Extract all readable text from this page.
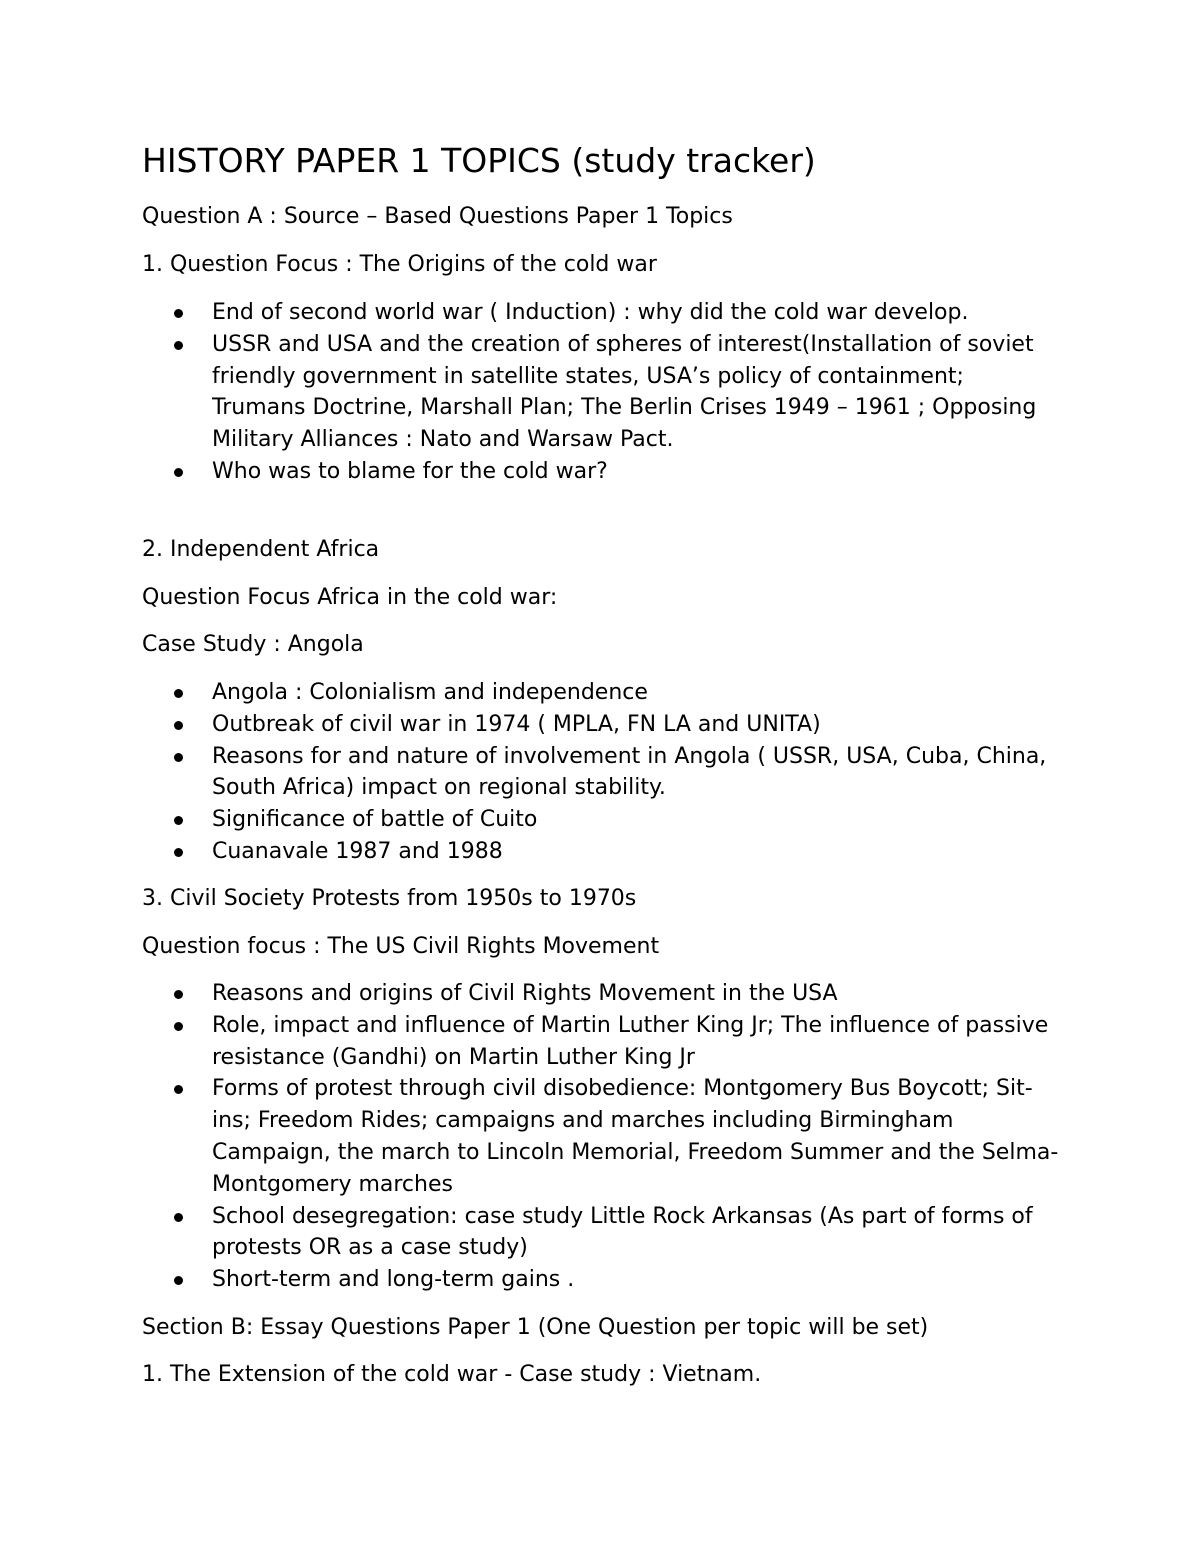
HISTORY PAPER 1 TOPICS (study tracker)

Question A : Source – Based Questions Paper 1 Topics

1. Question Focus : The Origins of the cold war

End of second world war ( Induction) : why did the cold war develop.
USSR and USA and the creation of spheres of interest(Installation of soviet friendly government in satellite states, USA’s policy of containment; Trumans Doctrine, Marshall Plan; The Berlin Crises 1949 – 1961 ; Opposing Military Alliances : Nato and Warsaw Pact.
Who was to blame for the cold war?

2. Independent Africa

Question Focus Africa in the cold war:

Case Study : Angola

Angola : Colonialism and independence
Outbreak of civil war in 1974 ( MPLA, FN LA and UNITA)
Reasons for and nature of involvement in Angola ( USSR, USA, Cuba, China, South Africa) impact on regional stability.
Significance of battle of Cuito
Cuanavale 1987 and 1988

3. Civil Society Protests from 1950s to 1970s

Question focus : The US Civil Rights Movement

Reasons and origins of Civil Rights Movement in the USA
Role, impact and influence of Martin Luther King Jr; The influence of passive resistance (Gandhi) on Martin Luther King Jr
Forms of protest through civil disobedience: Montgomery Bus Boycott; Sit-ins; Freedom Rides; campaigns and marches including Birmingham Campaign, the march to Lincoln Memorial, Freedom Summer and the Selma-Montgomery marches
School desegregation: case study Little Rock Arkansas (As part of forms of protests OR as a case study)
Short-term and long-term gains .

Section B: Essay Questions Paper 1 (One Question per topic will be set)

1. The Extension of the cold war - Case study : Vietnam.
